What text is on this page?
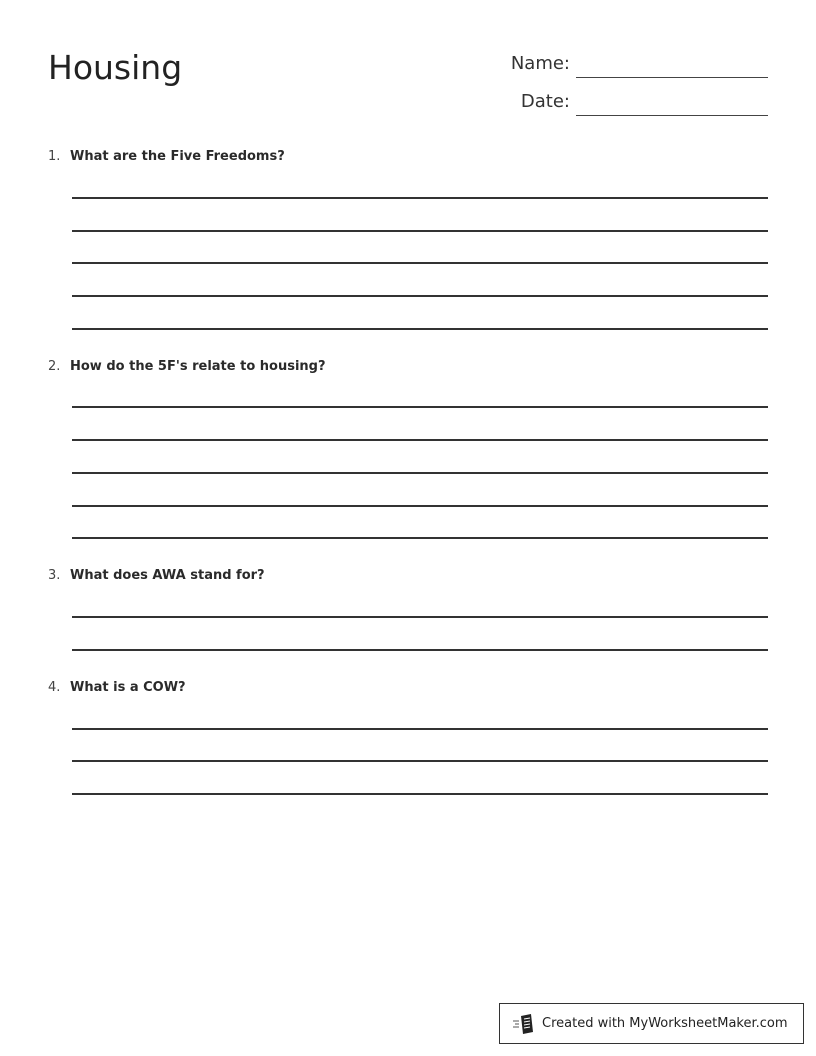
Housing	Name:
Date:
1. What are the Five Freedoms?
2. How do the 5F's relate to housing?
3. What does AWA stand for?
4. What is a COW?
Created with MyWorksheetMaker.com
